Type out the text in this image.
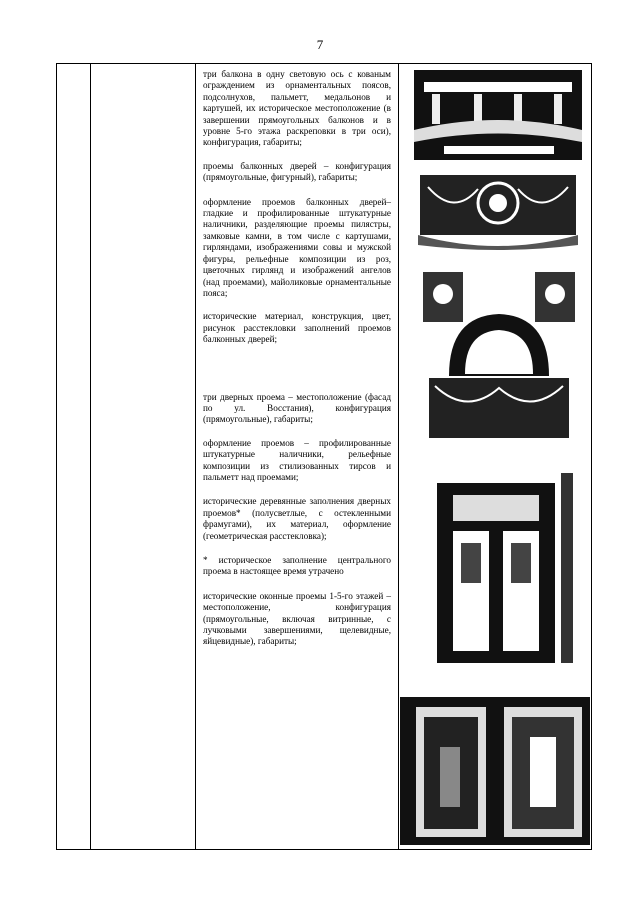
7

три балкона в одну световую ось с кованым ограждением из орнаментальных поясов, подсолнухов, пальметт, медальонов и картушей, их историческое местоположение (в завершении прямоугольных балконов и в уровне 5-го этажа раскреповки в три оси), конфигурация, габариты;

проемы балконных дверей – конфигурация (прямоугольные, фигурный), габариты;

оформление проемов балконных дверей– гладкие и профилированные штукатурные наличники, разделяющие проемы пилястры, замковые камни, в том числе с картушами, гирляндами, изображениями совы и мужской фигуры, рельефные композиции из роз, цветочных гирлянд и изображений ангелов (над проемами), майоликовые орнаментальные пояса;

исторические материал, конструкция, цвет, рисунок расстекловки заполнений проемов балконных дверей;

три дверных проема – местоположение (фасад по ул. Восстания), конфигурация (прямоугольные), габариты;

оформление проемов – профилированные штукатурные наличники, рельефные композиции из стилизованных тирсов и пальметт над проемами;

исторические деревянные заполнения дверных проемов* (полусветлые, с остекленными фрамугами), их материал, оформление (геометрическая расстекловка);

* историческое заполнение центрального проема в настоящее время утрачено

исторические оконные проемы 1-5-го этажей – местоположение, конфигурация (прямоугольные, включая витринные, с лучковыми завершениями, щелевидные, яйцевидные), габариты;
